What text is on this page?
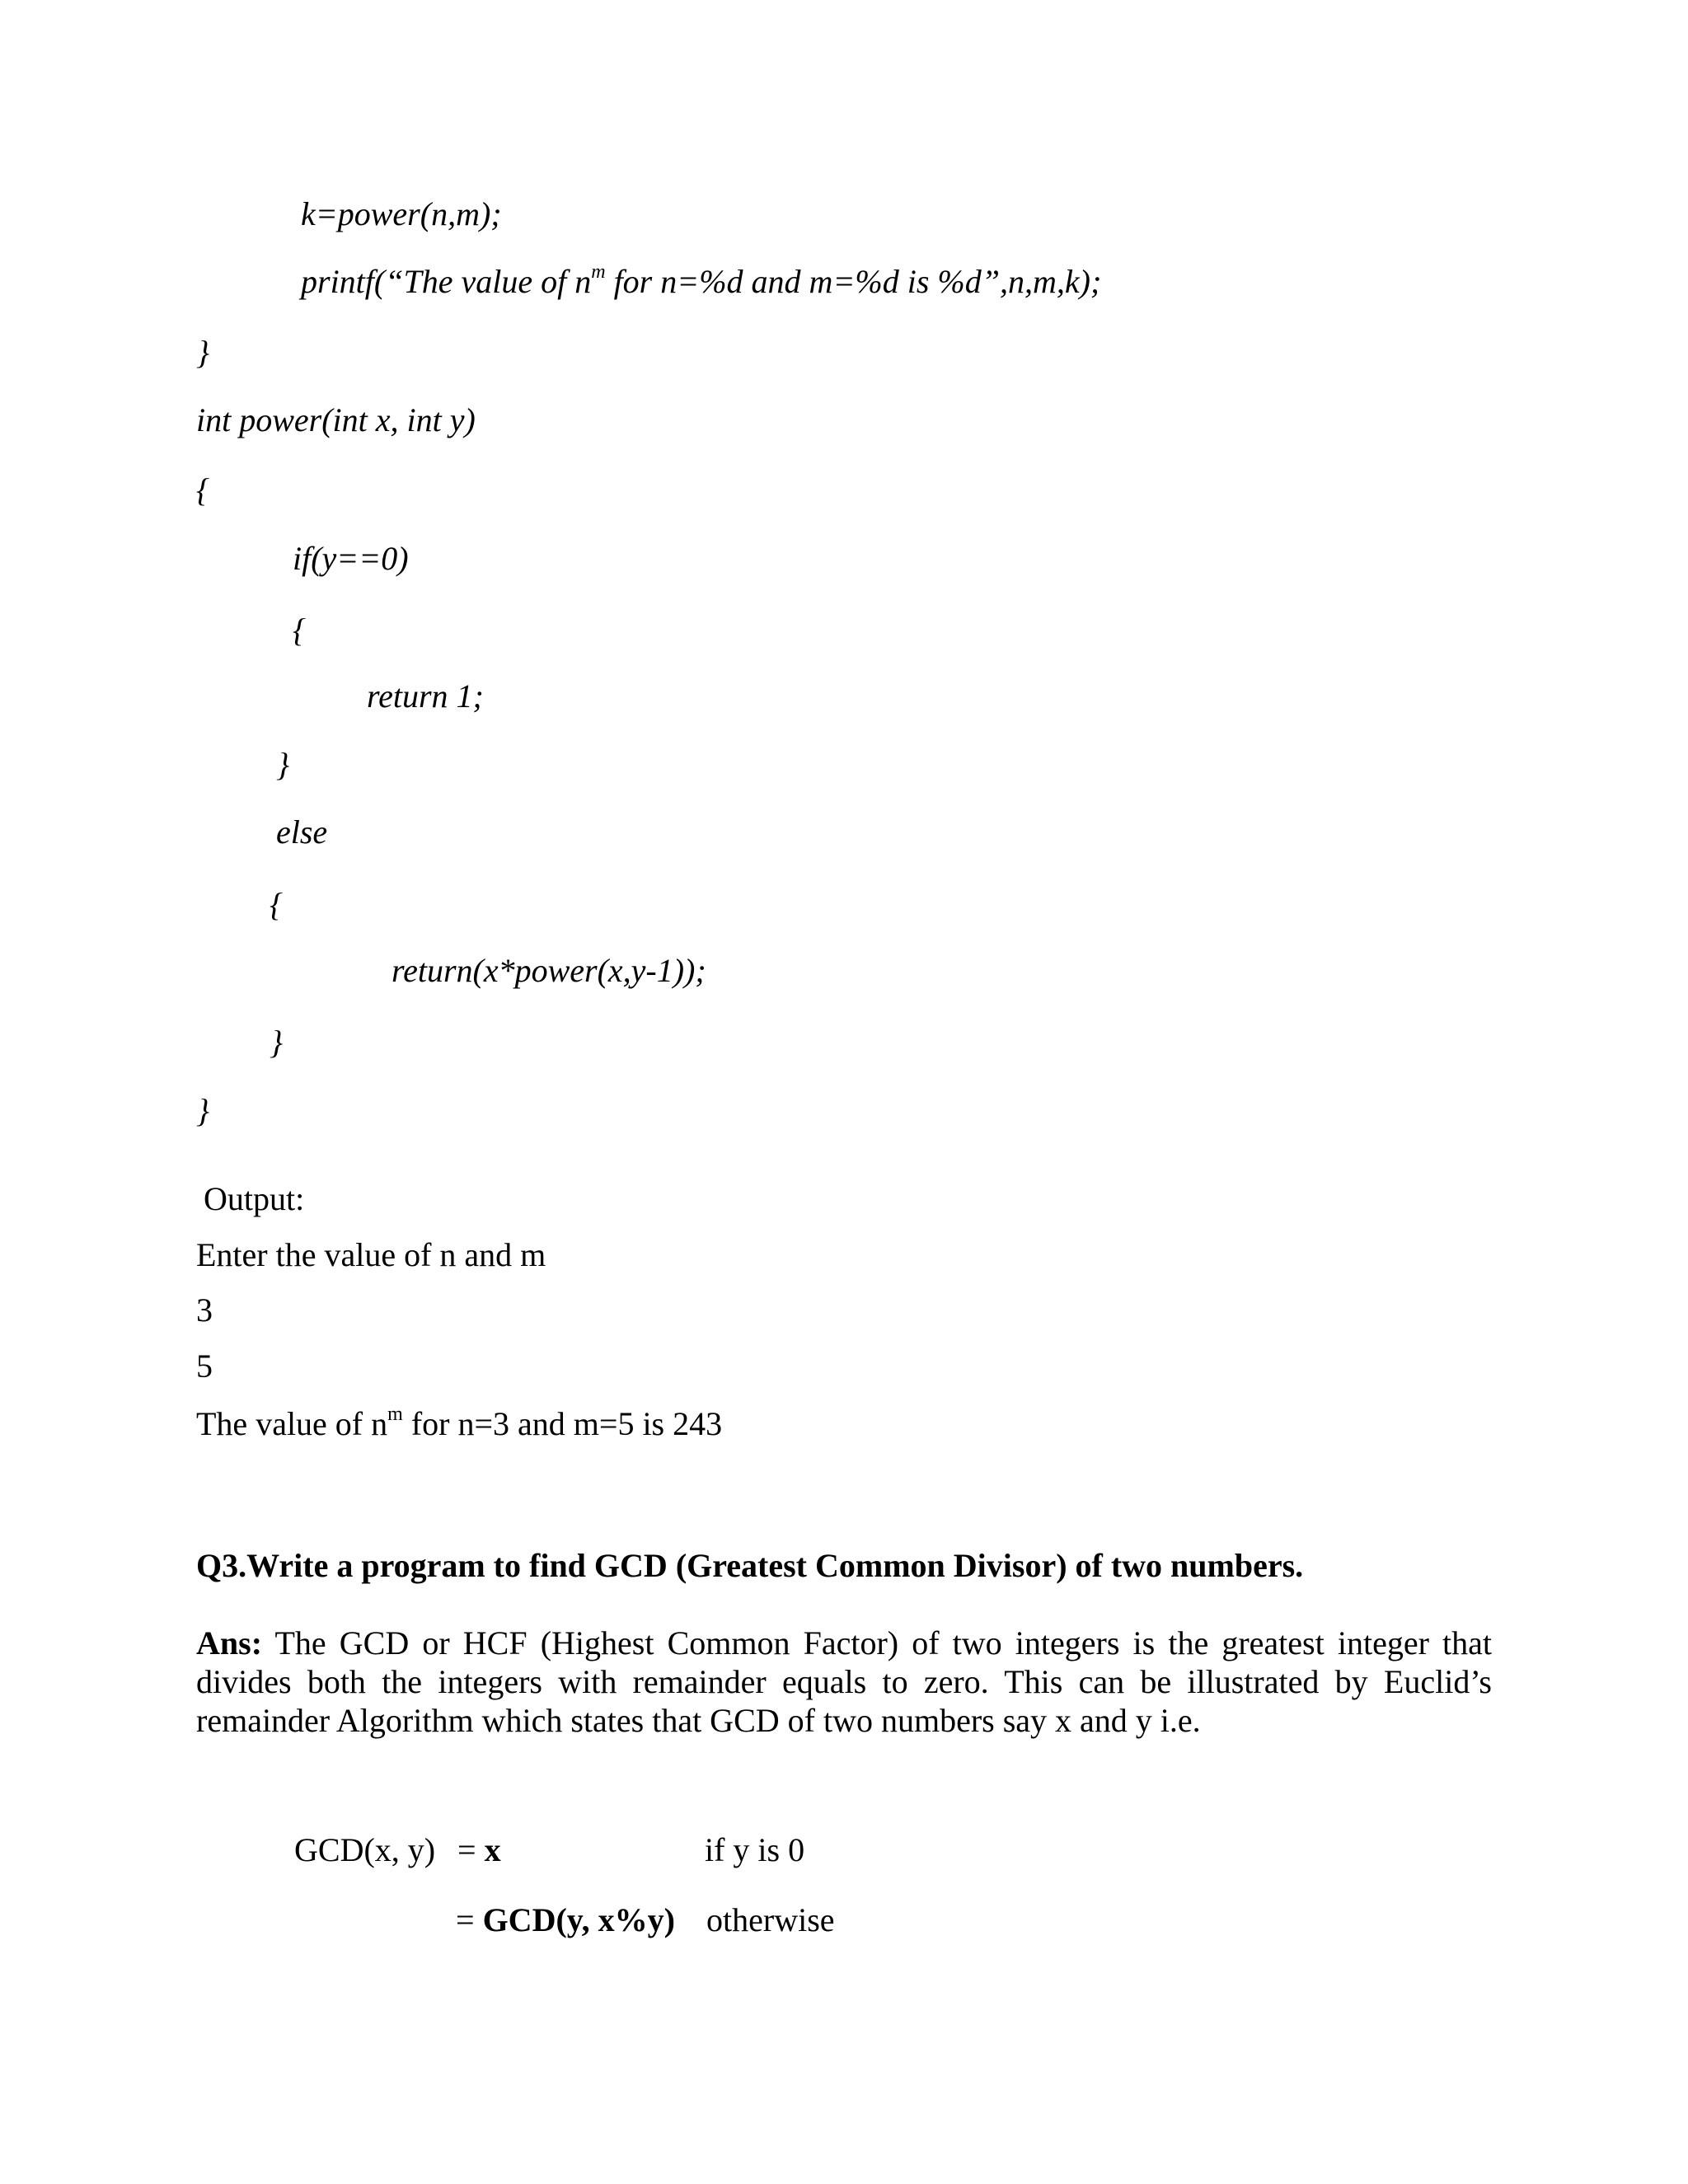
k=power(n,m);
printf(“The value of $n^m$ for n=%d and m=%d is %d”,n,m,k);
}
int power(int x, int y)
{
if(y==0)
{
return 1;
}
else
{
return(x*power(x,y-1));
}
}
Output:
Enter the value of n and m
3
5
The value of $n^m$ for n=3 and m=5 is 243
Q3.Write a program to find GCD (Greatest Common Divisor) of two numbers.
Ans: The GCD or HCF (Highest Common Factor) of two integers is the greatest integer that divides both the integers with remainder equals to zero. This can be illustrated by Euclid’s remainder Algorithm which states that GCD of two numbers say x and y i.e.
GCD(x, y) = x	if y is 0
= GCD(y, x%y) otherwise
